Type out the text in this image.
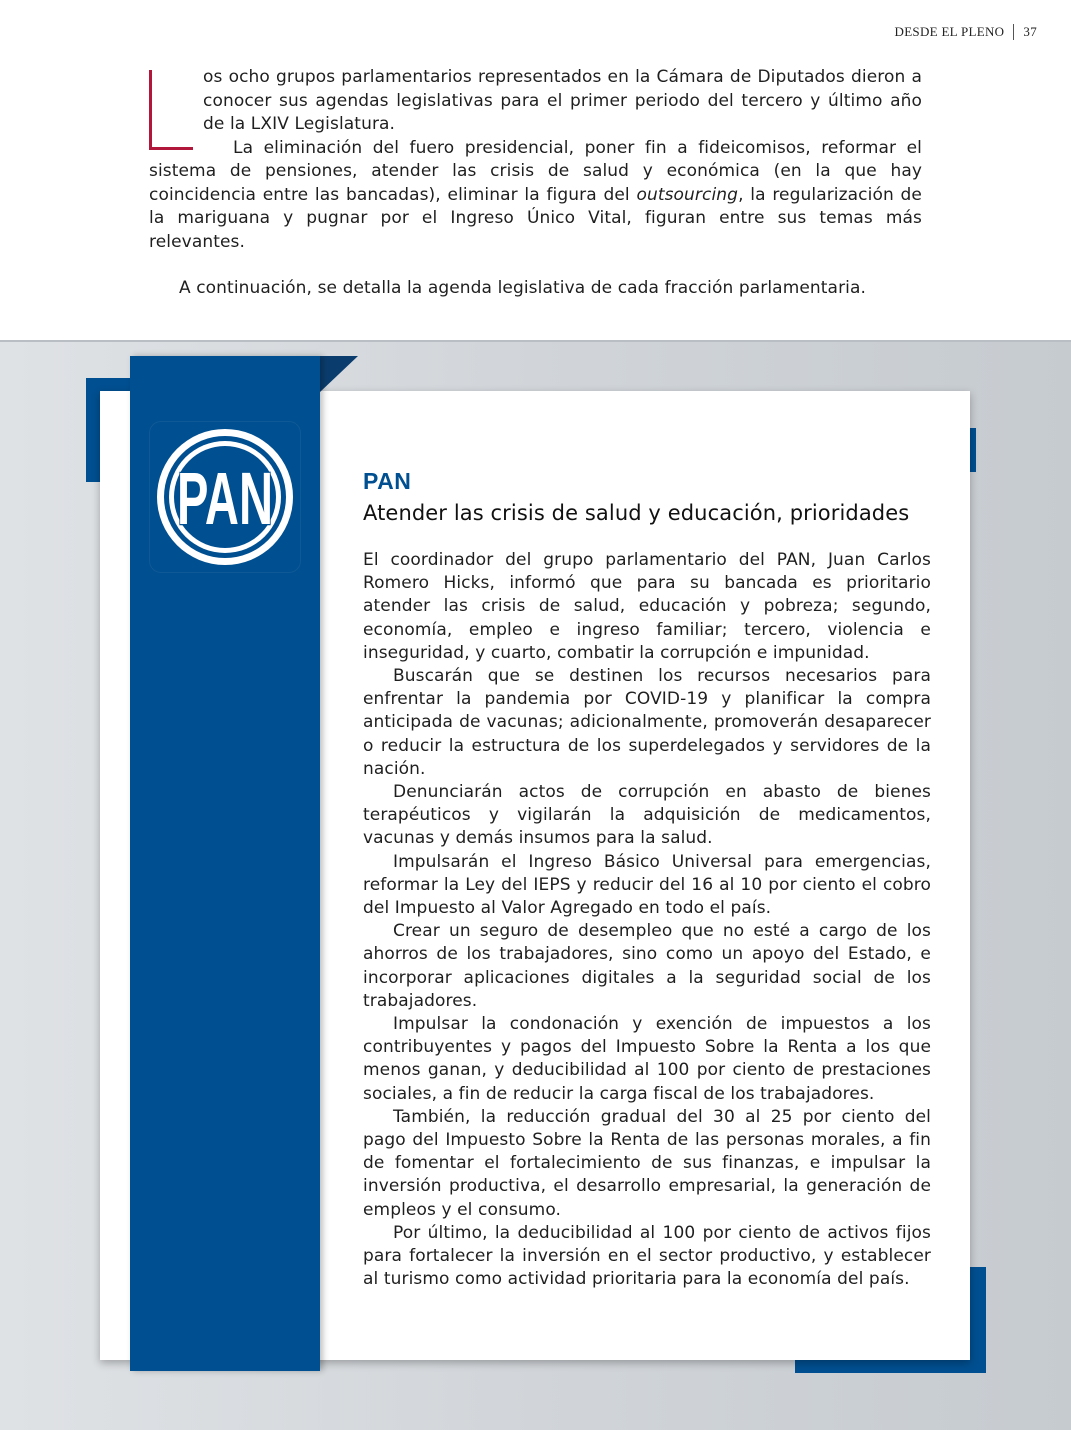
DESDE EL PLENO 37

os ocho grupos parlamentarios representados en la Cámara de Diputados dieron a conocer sus agendas legislativas para el primer periodo del tercero y último año de la LXIV Legislatura.

La eliminación del fuero presidencial, poner fin a fideicomisos, reformar el sistema de pensiones, atender las crisis de salud y económica (en la que hay coincidencia entre las bancadas), eliminar la figura del outsourcing, la regularización de la mariguana y pugnar por el Ingreso Único Vital, figuran entre sus temas más relevantes.

A continuación, se detalla la agenda legislativa de cada fracción parlamentaria.

PAN	PAN
Atender las crisis de salud y educación, prioridades

El coordinador del grupo parlamentario del PAN, Juan Carlos Romero Hicks, informó que para su bancada es prioritario atender las crisis de salud, educación y pobreza; segundo, economía, empleo e ingreso familiar; tercero, violencia e inseguridad, y cuarto, combatir la corrupción e impunidad.

Buscarán que se destinen los recursos necesarios para enfrentar la pandemia por COVID-19 y planificar la compra anticipada de vacunas; adicionalmente, promoverán desaparecer o reducir la estructura de los superdelegados y servidores de la nación.

Denunciarán actos de corrupción en abasto de bienes terapéuticos y vigilarán la adquisición de medicamentos, vacunas y demás insumos para la salud.

Impulsarán el Ingreso Básico Universal para emergencias, reformar la Ley del IEPS y reducir del 16 al 10 por ciento el cobro del Impuesto al Valor Agregado en todo el país.

Crear un seguro de desempleo que no esté a cargo de los ahorros de los trabajadores, sino como un apoyo del Estado, e incorporar aplicaciones digitales a la seguridad social de los trabajadores.

Impulsar la condonación y exención de impuestos a los contribuyentes y pagos del Impuesto Sobre la Renta a los que menos ganan, y deducibilidad al 100 por ciento de prestaciones sociales, a fin de reducir la carga fiscal de los trabajadores.

También, la reducción gradual del 30 al 25 por ciento del pago del Impuesto Sobre la Renta de las personas morales, a fin de fomentar el fortalecimiento de sus finanzas, e impulsar la inversión productiva, el desarrollo empresarial, la generación de empleos y el consumo.

Por último, la deducibilidad al 100 por ciento de activos fijos para fortalecer la inversión en el sector productivo, y establecer al turismo como actividad prioritaria para la economía del país.
